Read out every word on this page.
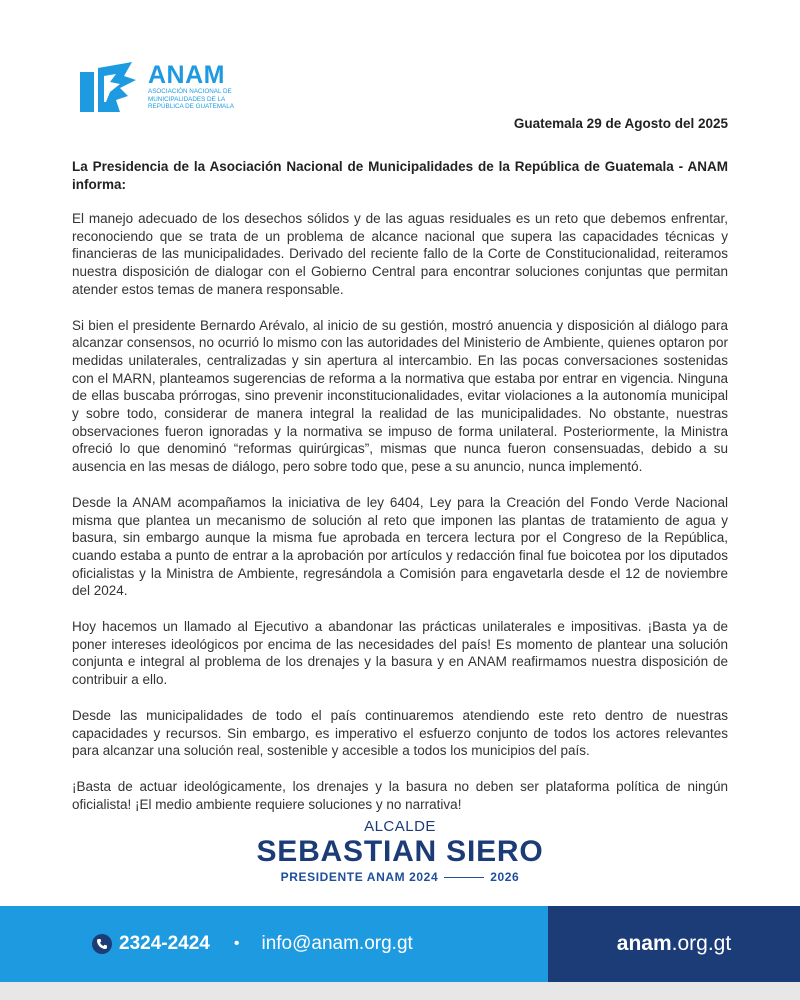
ANAM
ASOCIACIÓN NACIONAL DE MUNICIPALIDADES DE LA REPÚBLICA DE GUATEMALA
Guatemala 29 de Agosto del 2025

La Presidencia de la Asociación Nacional de Municipalidades de la República de Guatemala - ANAM informa:

El manejo adecuado de los desechos sólidos y de las aguas residuales es un reto que debemos enfrentar, reconociendo que se trata de un problema de alcance nacional que supera las capacidades técnicas y financieras de las municipalidades. Derivado del reciente fallo de la Corte de Constitucionalidad, reiteramos nuestra disposición de dialogar con el Gobierno Central para encontrar soluciones conjuntas que permitan atender estos temas de manera responsable.

Si bien el presidente Bernardo Arévalo, al inicio de su gestión, mostró anuencia y disposición al diálogo para alcanzar consensos, no ocurrió lo mismo con las autoridades del Ministerio de Ambiente, quienes optaron por medidas unilaterales, centralizadas y sin apertura al intercambio. En las pocas conversaciones sostenidas con el MARN, planteamos sugerencias de reforma a la normativa que estaba por entrar en vigencia. Ninguna de ellas buscaba prórrogas, sino prevenir inconstitucionalidades, evitar violaciones a la autonomía municipal y sobre todo, considerar de manera integral la realidad de las municipalidades. No obstante, nuestras observaciones fueron ignoradas y la normativa se impuso de forma unilateral. Posteriormente, la Ministra ofreció lo que denominó “reformas quirúrgicas”, mismas que nunca fueron consensuadas, debido a su ausencia en las mesas de diálogo, pero sobre todo que, pese a su anuncio, nunca implementó.

Desde la ANAM acompañamos la iniciativa de ley 6404, Ley para la Creación del Fondo Verde Nacional misma que plantea un mecanismo de solución al reto que imponen las plantas de tratamiento de agua y basura, sin embargo aunque la misma fue aprobada en tercera lectura por el Congreso de la República, cuando estaba a punto de entrar a la aprobación por artículos y redacción final fue boicotea por los diputados oficialistas y la Ministra de Ambiente, regresándola a Comisión para engavetarla desde el 12 de noviembre del 2024.

Hoy hacemos un llamado al Ejecutivo a abandonar las prácticas unilaterales e impositivas. ¡Basta ya de poner intereses ideológicos por encima de las necesidades del país! Es momento de plantear una solución conjunta e integral al problema de los drenajes y la basura y en ANAM reafirmamos nuestra disposición de contribuir a ello.

Desde las municipalidades de todo el país continuaremos atendiendo este reto dentro de nuestras capacidades y recursos. Sin embargo, es imperativo el esfuerzo conjunto de todos los actores relevantes para alcanzar una solución real, sostenible y accesible a todos los municipios del país.

¡Basta de actuar ideológicamente, los drenajes y la basura no deben ser plataforma política de ningún oficialista! ¡El medio ambiente requiere soluciones y no narrativa!

ALCALDE
SEBASTIAN SIERO
PRESIDENTE ANAM 2024	2026
2324-2424 • info@anam.org.gt	anam .org.gt
